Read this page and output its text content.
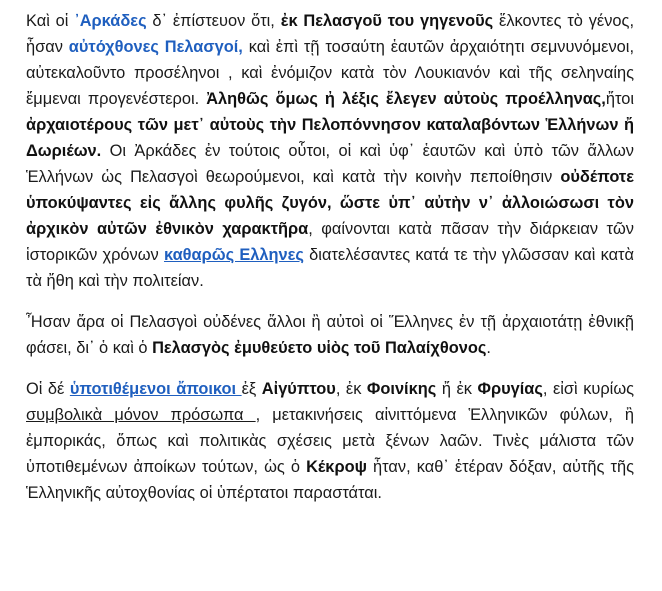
Καὶ οἱ ᾽Αρκάδες δ᾽ ἐπίστευον ὅτι, ἐκ Πελασγοῦ του γηγενοῦς ἕλκοντες τὸ γένος, ἦσαν αὐτόχθονες Πελασγοί, καὶ ἐπὶ τῇ τοσαύτη ἑαυτῶν ἀρχαιότητι σεμνυνόμενοι, αὐτεκαλοῦντο προσέληνοι , καὶ ἐνόμιζον κατὰ τὸν Λουκιανόν καὶ τῆς σεληναίης ἔμμεναι προγενέστεροι. Ἀληθῶς ὅμως ἠ λέξις ἔλεγεν αὐτοὺς προέλληνας,ἤτοι ἀρχαιοτέρους τῶν μετ᾽ αὐτοὺς τὴν Πελοπόννησον καταλαβόντων Ἑλλήνων ἤ Δωριέων. Οι Ἀρκάδες ἐν τούτοις οὗτοι, οἱ καὶ ὑφ᾽ ἑαυτῶν καὶ ὑπὸ τῶν ἄλλων Ἑλλήνων ὡς Πελασγοὶ θεωρούμενοι, καὶ κατὰ τὴν κοινὴν πεποίθησιν οὐδέποτε ὑποκύψαντες εἰς ἄλλης φυλῆς ζυγόν, ὥστε ὑπ᾽ αὐτὴν ν᾽ ἀλλοιώσωσι τὸν ἀρχικὸν αὐτῶν ἐθνικὸν χαρακτῆρα, φαίνονται κατὰ πᾶσαν τὴν διάρκειαν τῶν ἱστορικῶν χρόνων καθαρῶς Ελληνες διατελέσαντες κατά τε τὴν γλῶσσαν καὶ κατὰ τὰ ἤθη καὶ τὴν πολιτείαν.

Ἦσαν ἄρα οἱ Πελασγοὶ οὐδένες ἄλλοι ἢ αὐτοὶ οἱ Ἕλληνες ἐν τῇ ἀρχαιοτάτῃ ἐθνικῇ φάσει, δι᾽ ὁ καὶ ὁ Πελασγὸς ἐμυθεύετο υἱὸς τοῦ Παλαίχθονος.

Οἱ δέ ὑποτιθέμενοι ἄποικοι ἐξ Αἰγύπτου, ἐκ Φοινίκης ἤ ἐκ Φρυγίας, εἰσὶ κυρίως συμβολικὰ μόνον πρόσωπα , μετακινήσεις αἰνιττόμενα Ἑλληνικῶν φύλων, ἢ ἐμπορικάς, ὅπως καὶ πολιτικὰς σχέσεις μετὰ ξένων λαῶν. Τινὲς μάλιστα τῶν ὑποτιθεμένων ἀποίκων τούτων, ὡς ὁ Κέκροψ ἦταν, καθ᾽ ἑτέραν δόξαν, αὐτῆς τῆς Ἑλληνικῆς αὐτοχθονίας οἱ ὑπέρτατοι παραστάται.
